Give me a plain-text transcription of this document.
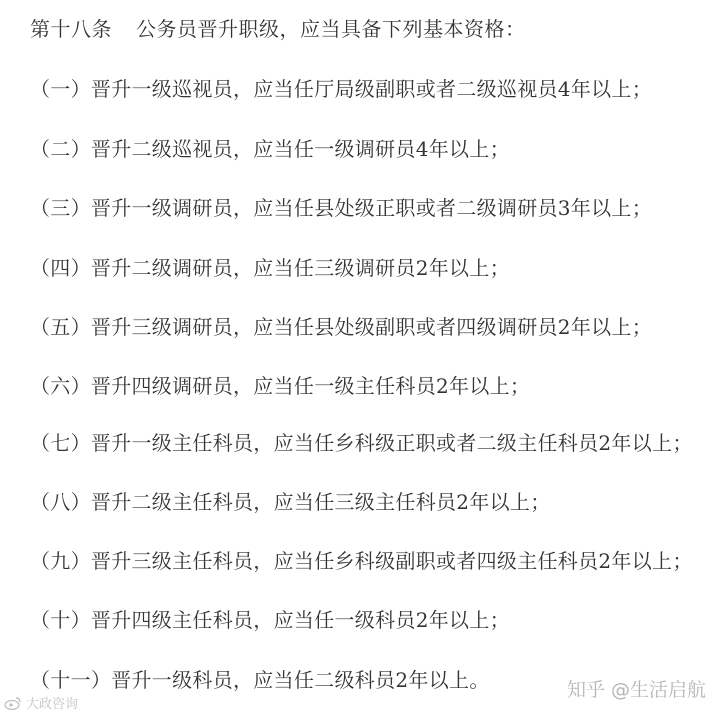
第十八条 公务员晋升职级，应当具备下列基本资格：
（一）晋升一级巡视员，应当任厅局级副职或者二级巡视员4年以上；
（二）晋升二级巡视员，应当任一级调研员4年以上；
（三）晋升一级调研员，应当任县处级正职或者二级调研员3年以上；
（四）晋升二级调研员，应当任三级调研员2年以上；
（五）晋升三级调研员，应当任县处级副职或者四级调研员2年以上；
（六）晋升四级调研员，应当任一级主任科员2年以上；
（七）晋升一级主任科员，应当任乡科级正职或者二级主任科员2年以上；
（八）晋升二级主任科员，应当任三级主任科员2年以上；
（九）晋升三级主任科员，应当任乡科级副职或者四级主任科员2年以上；
（十）晋升四级主任科员，应当任一级科员2年以上；
（十一）晋升一级科员，应当任二级科员2年以上。	知乎 @生活启航
大政咨询
